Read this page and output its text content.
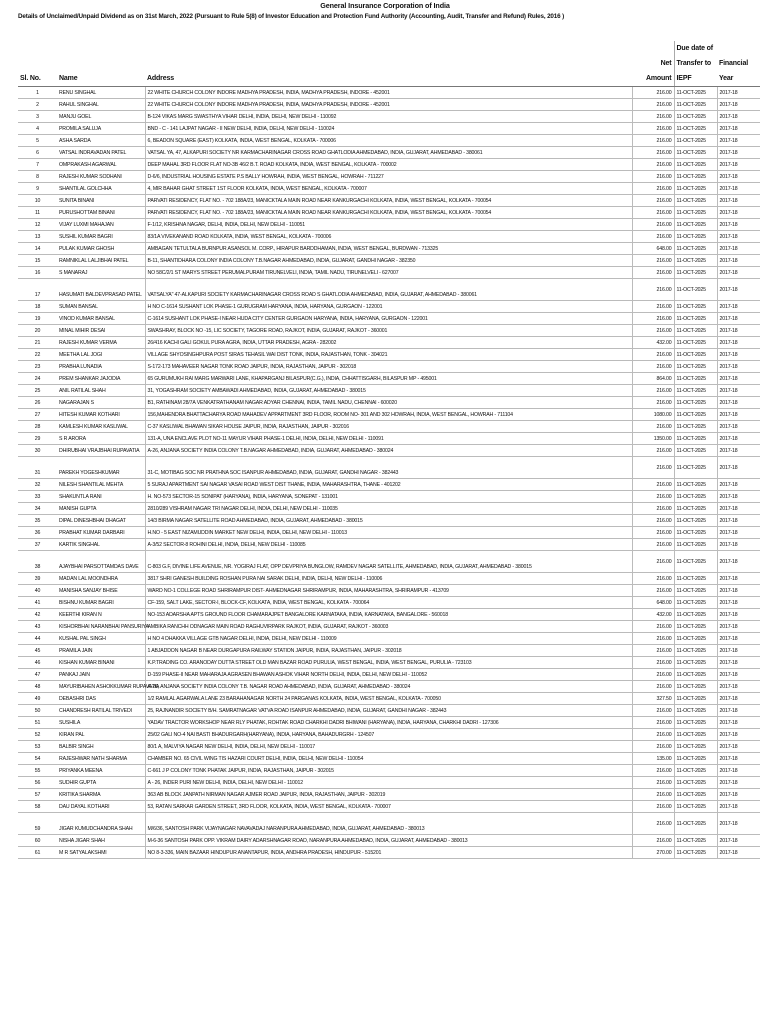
General Insurance Corporation of India
Details of Unclaimed/Unpaid Dividend as on 31st March, 2022 (Pursuant to Rule 5(8) of Investor Education and Protection Fund Authority (Accounting, Audit, Transfer and Refund) Rules, 2016 )
Sl. No.	Name	Address	Net Amount	Due date of
Transfer to
IEPF	Financial
Year
1	RENU SINGHAL	22 WHITE CHURCH COLONY INDORE MADHYA PRADESH, INDIA, MADHYA PRADESH, INDORE - 452001	216.00	11-OCT-2025	2017-18
2	RAHUL SINGHAL	22 WHITE CHURCH COLONY INDORE MADHYA PRADESH, INDIA, MADHYA PRADESH, INDORE - 452001	216.00	11-OCT-2025	2017-18
3	MANJU GOEL	B-124 VIKAS MARG SWASTHYA VIHAR DELHI, INDIA, DELHI, NEW DELHI - 110092	216.00	11-OCT-2025	2017-18
4	PROMILA SALUJA	BND - C - 141 LAJPAT NAGAR - II NEW DELHI, INDIA, DELHI, NEW DELHI - 110024	216.00	11-OCT-2025	2017-18
5	ASHA SARDA	6, BEADON SQUARE (EAST) KOLKATA, INDIA, WEST BENGAL, KOLKATA - 700006	216.00	11-OCT-2025	2017-18
6	VATSAL INDRAVADAN PATEL	VATSAL YA, 47, ALKAPURI SOCIETY NR KARMACHARINAGAR CROSS ROAD GHATLODIA AHMEDABAD, INDIA, GUJARAT, AHMEDABAD - 380061	216.00	11-OCT-2025	2017-18
7	OMPRAKASH AGARWAL	DEEP MAHAL 3RD FLOOR FLAT NO-3B 46/2 B.T. ROAD KOLKATA, INDIA, WEST BENGAL, KOLKATA - 700002	216.00	11-OCT-2025	2017-18
8	RAJESH KUMAR SODHANI	D-6/6, INDUSTRIAL HOUSING ESTATE P.S BALLY HOWRAH, INDIA, WEST BENGAL, HOWRAH - 711227	216.00	11-OCT-2025	2017-18
9	SHANTILAL GOLCHHA	4, MIR BAHAR GHAT STREET 1ST FLOOR KOLKATA, INDIA, WEST BENGAL, KOLKATA - 700007	216.00	11-OCT-2025	2017-18
10	SUNITA BINANI	PARVATI RESIDENCY, FLAT NO. - 702 188A/23, MANICKTALA MAIN ROAD NEAR KANKURGACHI KOLKATA, INDIA, WEST BENGAL, KOLKATA - 700054	216.00	11-OCT-2025	2017-18
11	PURUSHOTTAM BINANI	PARVATI RESIDENCY, FLAT NO. - 702 188A/23, MANICKTALA MAIN ROAD NEAR KANKURGACHI KOLKATA, INDIA, WEST BENGAL, KOLKATA - 700054	216.00	11-OCT-2025	2017-18
12	VIJAY LUXMI MAHAJAN	F-1/12, KRISHNA NAGAR, DELHI, INDIA, DELHI, NEW DELHI - 110051	216.00	11-OCT-2025	2017-18
13	SUSHIL KUMAR BAGRI	83/1A VIVEKANAND ROAD KOLKATA, INDIA, WEST BENGAL, KOLKATA - 700006	216.00	11-OCT-2025	2017-18
14	PULAK KUMAR GHOSH	AMBAGAN TETULTALA BURNPUR ASANSOL M. CORP., HIRAPUR BARDDHAMAN, INDIA, WEST BENGAL, BURDWAN - 713325	648.00	11-OCT-2025	2017-18
15	RAMNIKLAL LALJIBHAI PATEL	B-11, SHANTIDHARA COLONY INDIA COLONY T.B.NAGAR AHMEDABAD, INDIA, GUJARAT, GANDHI NAGAR - 382350	216.00	11-OCT-2025	2017-18
16	S MANARAJ	NO 58C/2/1 ST MARYS STREET PERUMALPURAM TIRUNELVELI, INDIA, TAMIL NADU, TIRUNELVELI - 627007	216.00	11-OCT-2025	2017-18
17	HASUMATI BALDEVPRASAD PATEL	VATSALYA" 47-ALKAPURI SOCIETY KARMACHARINAGAR CROSS ROAD S GHATLODIA AHMEDABAD, INDIA, GUJARAT, AHMEDABAD - 380061	216.00	11-OCT-2025	2017-18
18	SUMAN BANSAL	H NO C-1614 SUSHANT LOK PHASE-1 GURUGRAM HARYANA, INDIA, HARYANA, GURGAON - 122001	216.00	11-OCT-2025	2017-18
19	VINOD KUMAR BANSAL	C-1614 SUSHANT LOK PHASE-I NEAR HUDA CITY CENTER GURGAON HARYANA, INDIA, HARYANA, GURGAON - 122001	216.00	11-OCT-2025	2017-18
20	MINAL MIHIR DESAI	SWASHRAY, BLOCK NO -15, LIC SOCIETY, TAGORE ROAD, RAJKOT, INDIA, GUJARAT, RAJKOT - 360001	216.00	11-OCT-2025	2017-18
21	RAJESH KUMAR VERMA	26/416 KACHI GALI GOKUL PURA AGRA, INDIA, UTTAR PRADESH, AGRA - 282002	432.00	11-OCT-2025	2017-18
22	MEETHA LAL JOGI	VILLAGE SHYOSINGHPURA POST SIRAS TEHASIL WAI DIST TONK, INDIA, RAJASTHAN, TONK - 304021	216.00	11-OCT-2025	2017-18
23	PRABHA LUNADIA	S-172-173 MAHAVEER NAGAR TONK ROAD JAIPUR, INDIA, RAJASTHAN, JAIPUR - 302018	216.00	11-OCT-2025	2017-18
24	PREM SHANKAR JAJODIA	65 GURUMUKH RAI MARG MARWARI LANE, KHAPARGANJ BILASPUR(C.G.), INDIA, CHHATTISGARH, BILASPUR MP - 495001	864.00	11-OCT-2025	2017-18
25	ANIL RATILAL SHAH	31, YOGASHRAM SOCIETY AMBAWADI AHMEDABAD, INDIA, GUJARAT, AHMEDABAD - 380015	216.00	11-OCT-2025	2017-18
26	NAGARAJAN S	B1, RATHINAM 28/7A VENKATRATHANAM NAGAR ADYAR CHENNAI, INDIA, TAMIL NADU, CHENNAI - 600020	216.00	11-OCT-2025	2017-18
27	HITESH KUMAR KOTHARI	156,MAHENDRA BHATTACHARYA ROAD MAHADEV APPARTMENT 3RD FLOOR, ROOM NO- 301 AND 302 HOWRAH, INDIA, WEST BENGAL, HOWRAH - 711104	1080.00	11-OCT-2025	2017-18
28	KAMLESH KUMAR KASLIWAL	C-37 KASLIWAL BHAWAN SIKAR HOUSE JAIPUR, INDIA, RAJASTHAN, JAIPUR - 302016	216.00	11-OCT-2025	2017-18
29	S R ARORA	131-A, UNA ENCLAVE PLOT NO-11 MAYUR VIHAR PHASE-1 DELHI, INDIA, DELHI, NEW DELHI - 110091	1350.00	11-OCT-2025	2017-18
30	DHIRUBHAI VRAJBHAI RUPAVATIA	A-26, ANJANA SOCIETY INDIA COLONY T.B.NAGAR AHMEDABAD, INDIA, GUJARAT, AHMEDABAD - 380024	216.00	11-OCT-2025	2017-18
31	PAREKH YOGESHKUMAR	31-C, MOTIBAG SOC NR PRATHNA SOC ISANPUR AHMEDABAD, INDIA, GUJARAT, GANDHI NAGAR - 382443	216.00	11-OCT-2025	2017-18
32	NILESH SHANTILAL MEHTA	5 SURAJ APARTMENT SAI NAGAR VASAI ROAD WEST DIST THANE, INDIA, MAHARASHTRA, THANE - 401202	216.00	11-OCT-2025	2017-18
33	SHAKUNTLA RANI	H. NO-573 SECTOR-15 SONIPAT (HARYANA), INDIA, HARYANA, SONEPAT - 131001	216.00	11-OCT-2025	2017-18
34	MANISH GUPTA	2810/289 VISHRAM NAGAR TRI NAGAR DELHI, INDIA, DELHI, NEW DELHI - 110035	216.00	11-OCT-2025	2017-18
35	DIPAL DINESHBHAI DHAGAT	14/3 BIRMA NAGAR SATELLITE ROAD AHMEDABAD, INDIA, GUJARAT, AHMEDABAD - 380015	216.00	11-OCT-2025	2017-18
36	PRABHAT KUMAR DARBARI	H.NO - 5 EAST NIZAMUDDIN MARKET NEW DELHI, INDIA, DELHI, NEW DELHI - 110013	216.00	11-OCT-2025	2017-18
37	KARTIK SINGHAL	A-3/52 SECTOR-8 ROHINI DELHI, INDIA, DELHI, NEW DELHI - 110085	216.00	11-OCT-2025	2017-18
38	AJAYBHAI PARSOTTAMDAS DAVE	C-803 G.F, DIVINE LIFE AVENUE, NR. YOGIRAJ FLAT, OPP DEVPRIYA BUNGLOW, RAMDEV NAGAR SATELLITE, AHMEDABAD, INDIA, GUJARAT, AHMEDABAD - 380015	216.00	11-OCT-2025	2017-18
39	MADAN LAL MOONDHRA	3817 SHRI GANESH BUILDING ROSHAN PURA NAI SARAK DELHI, INDIA, DELHI, NEW DELHI - 110006	216.00	11-OCT-2025	2017-18
40	MANISHA SANJAY BHISE	WARD NO-1 COLLEGE ROAD SHRIRAMPUR DIST- AHMEDNAGAR SHRIRAMPUR, INDIA, MAHARASHTRA, SHRIRAMPUR - 413709	216.00	11-OCT-2025	2017-18
41	BISHNU KUMAR BAGRI	CF-159, SALT LAKE, SECTOR-I, BLOCK-CF, KOLKATA, INDIA, WEST BENGAL, KOLKATA - 700064	648.00	11-OCT-2025	2017-18
42	KEERTHI KIRAN N	NO-153 ADARSHA APTS GROUND FLOOR CHAMARAJPET BANGALORE KARNATAKA, INDIA, KARNATAKA, BANGALORE - 560018	432.00	11-OCT-2025	2017-18
43	KISHORBHAI NARANBHAI PANSURIYA	AMBIKA RANCHH ODNAGAR MAIN ROAD RAGHUVIRPARK RAJKOT, INDIA, GUJARAT, RAJKOT - 360003	216.00	11-OCT-2025	2017-18
44	KUSHAL PAL SINGH	H NO 4 DHAKKA VILLAGE GTB NAGAR DELHI, INDIA, DELHI, NEW DELHI - 110009	216.00	11-OCT-2025	2017-18
45	PRAMILA JAIN	1 ABJADDON NAGAR B NEAR DURGAPURA RAILWAY STATION JAIPUR, INDIA, RAJASTHAN, JAIPUR - 302018	216.00	11-OCT-2025	2017-18
46	KISHAN KUMAR BINANI	K.P.TRADING CO. ARANODAY DUTTA STREET OLD MAN BAZAR ROAD PURULIA, WEST BENGAL, INDIA, WEST BENGAL, PURULIA - 723103	216.00	11-OCT-2025	2017-18
47	PANKAJ JAIN	D-159 PHASE-II NEAR MAHARAJA AGRASEN BHAWAN ASHOK VIHAR NORTH DELHI, INDIA, DELHI, NEW DELHI - 110052	216.00	11-OCT-2025	2017-18
48	MAYURIBAHEN ASHOKKUMAR RUPAVATIA	A-26, ANJANA SOCIETY INDIA COLONY T.B. NAGAR ROAD AHMEDABAD, INDIA, GUJARAT, AHMEDABAD - 380024	216.00	11-OCT-2025	2017-18
49	DEBASHRI DAS	1/2 RAMLAL AGARWALA LANE 23 BARAHANAGAR NORTH 24 PARGANAS KOLKATA, INDIA, WEST BENGAL, KOLKATA - 700050	327.50	11-OCT-2025	2017-18
50	CHANDRESH RATILAL TRIVEDI	25, RAJNANDIR SOCIETY B/H. SAMRATNAGAR VATVA ROAD ISANPUR AHMEDABAD, INDIA, GUJARAT, GANDHI NAGAR - 382443	216.00	11-OCT-2025	2017-18
51	SUSHILA	YADAV TRACTOR WORKSHOP NEAR RLY PHATAK, ROHTAK ROAD CHARKHI DADRI BHIWANI (HARYANA), INDIA, HARYANA, CHARKHI DADRI - 127306	216.00	11-OCT-2025	2017-18
52	KIRAN PAL	25/02 GALI NO-4 NAI BASTI BHADURGARH(HARYANA), INDIA, HARYANA, BAHADURGRH - 124507	216.00	11-OCT-2025	2017-18
53	BALBIR SINGH	80/1 A, MALVIYA NAGAR NEW DELHI, INDIA, DELHI, NEW DELHI - 110017	216.00	11-OCT-2025	2017-18
54	RAJESHWAR NATH SHARMA	CHAMBER NO. 65 CIVIL WING TIS HAZARI COURT DELHI, INDIA, DELHI, NEW DELHI - 110054	135.00	11-OCT-2025	2017-18
55	PRIYANKA MEENA	C-661 J P COLONY TONK PHATAK JAIPUR, INDIA, RAJASTHAN, JAIPUR - 302015	216.00	11-OCT-2025	2017-18
56	SUDHIR GUPTA	A - 26, INDER PURI NEW DELHI, INDIA, DELHI, NEW DELHI - 110012	216.00	11-OCT-2025	2017-18
57	KRITIKA SHARMA	363 AB BLOCK JANPATH NIRMAN NAGAR AJMER ROAD JAIPUR, INDIA, RAJASTHAN, JAIPUR - 302019	216.00	11-OCT-2025	2017-18
58	DAU DAYAL KOTHARI	53, RATAN SARKAR GARDEN STREET, 3RD FLOOR, KOLKATA, INDIA, WEST BENGAL, KOLKATA - 700007	216.00	11-OCT-2025	2017-18
59	JIGAR KUMUDCHANDRA SHAH	M/6/36, SANTOSH PARK VIJAYNAGAR NAVAVADAJ NARANPURA AHMEDABAD, INDIA, GUJARAT, AHMEDABAD - 380013	216.00	11-OCT-2025	2017-18
60	NISHA JIGAR SHAH	M-6-36 SANTOSH PARK OPP. VIKRAM DAIRY ADARSHNAGAR ROAD, NARANPURA AHMEDABAD, INDIA, GUJARAT, AHMEDABAD - 380013	216.00	11-OCT-2025	2017-18
61	M R SATYALAKSHMI	NO 8-3-336, MAIN BAZAAR HINDUPUR ANANTAPUR, INDIA, ANDHRA PRADESH, HINDUPUR - 515201	270.00	11-OCT-2025	2017-18
